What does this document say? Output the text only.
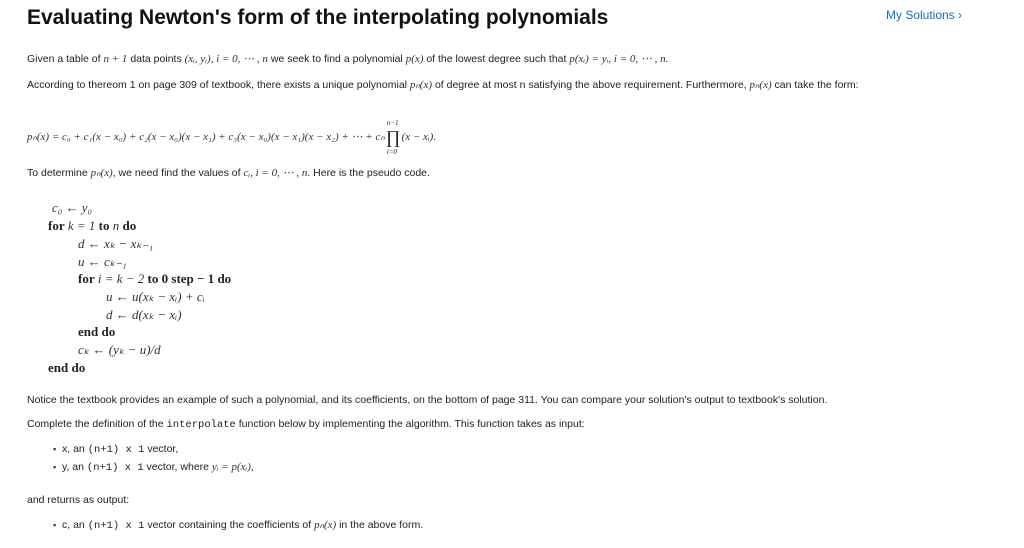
Evaluating Newton's form of the interpolating polynomials	My Solutions ›

Given a table of n + 1 data points (xᵢ, yᵢ), i = 0, ⋯ , n we seek to find a polynomial p(x) of the lowest degree such that p(xᵢ) = yᵢ, i = 0, ⋯ , n.

According to thereom 1 on page 309 of textbook, there exists a unique polynomial pₙ(x) of degree at most n satisfying the above requirement. Furthermore, pₙ(x) can take the form:

pₙ(x) = c₀ + c₁(x − x₀) + c₂(x − x₀)(x − x₁) + c₃(x − x₀)(x − x₁)(x − x₂) + ⋯ + cₙ
n−1
∏
i=0
(x − xᵢ).

To determine pₙ(x), we need find the values of cᵢ, i = 0, ⋯ , n. Here is the pseudo code.

c₀ ← y₀
for k = 1 to n do
d ← xₖ − xₖ₋₁
u ← cₖ₋₁
for i = k − 2 to 0 step − 1 do
u ← u(xₖ − xᵢ) + cᵢ
d ← d(xₖ − xᵢ)
end do
cₖ ← (yₖ − u)/d
end do

Notice the textbook provides an example of such a polynomial, and its coefficients, on the bottom of page 311. You can compare your solution's output to textbook's solution.

Complete the definition of the interpolate function below by implementing the algorithm. This function takes as input:

▪ x, an (n+1) x 1 vector,
▪ y, an (n+1) x 1 vector, where yᵢ = p(xᵢ),

and returns as output:

▪ c, an (n+1) x 1 vector containing the coefficients of pₙ(x) in the above form.
